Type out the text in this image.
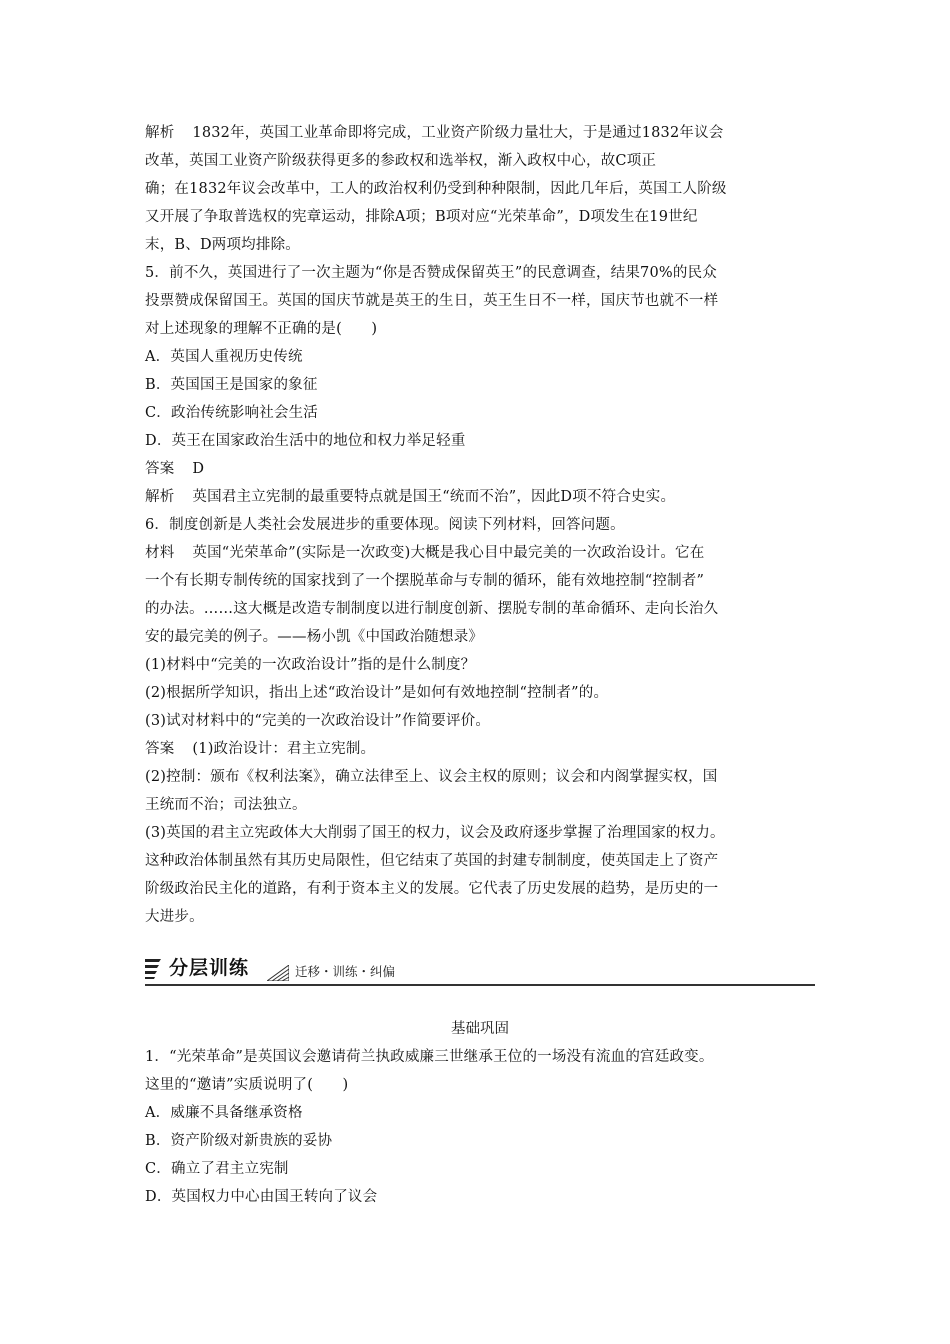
解析 1832年，英国工业革命即将完成，工业资产阶级力量壮大，于是通过1832年议会
改革，英国工业资产阶级获得更多的参政权和选举权，渐入政权中心，故C项正
确；在1832年议会改革中，工人的政治权利仍受到种种限制，因此几年后，英国工人阶级
又开展了争取普选权的宪章运动，排除A项；B项对应“光荣革命”，D项发生在19世纪
末，B、D两项均排除。
5．前不久，英国进行了一次主题为“你是否赞成保留英王”的民意调查，结果70%的民众
投票赞成保留国王。英国的国庆节就是英王的生日，英王生日不一样，国庆节也就不一样
对上述现象的理解不正确的是(　　)
A．英国人重视历史传统
B．英国国王是国家的象征
C．政治传统影响社会生活
D．英王在国家政治生活中的地位和权力举足轻重
答案 D
解析 英国君主立宪制的最重要特点就是国王“统而不治”，因此D项不符合史实。
6．制度创新是人类社会发展进步的重要体现。阅读下列材料，回答问题。
材料 英国“光荣革命”(实际是一次政变)大概是我心目中最完美的一次政治设计。它在
一个有长期专制传统的国家找到了一个摆脱革命与专制的循环，能有效地控制“控制者”
的办法。……这大概是改造专制制度以进行制度创新、摆脱专制的革命循环、走向长治久
安的最完美的例子。——杨小凯《中国政治随想录》
(1)材料中“完美的一次政治设计”指的是什么制度？
(2)根据所学知识，指出上述“政治设计”是如何有效地控制“控制者”的。
(3)试对材料中的“完美的一次政治设计”作简要评价。
答案 (1)政治设计：君主立宪制。
(2)控制：颁布《权利法案》，确立法律至上、议会主权的原则；议会和内阁掌握实权，国
王统而不治；司法独立。
(3)英国的君主立宪政体大大削弱了国王的权力，议会及政府逐步掌握了治理国家的权力。
这种政治体制虽然有其历史局限性，但它结束了英国的封建专制制度，使英国走上了资产
阶级政治民主化的道路，有利于资本主义的发展。它代表了历史发展的趋势，是历史的一
大进步。
分层训练	迁移・训练・纠偏
基础巩固
1．“光荣革命”是英国议会邀请荷兰执政威廉三世继承王位的一场没有流血的宫廷政变。
这里的“邀请”实质说明了(　　)
A．威廉不具备继承资格
B．资产阶级对新贵族的妥协
C．确立了君主立宪制
D．英国权力中心由国王转向了议会
